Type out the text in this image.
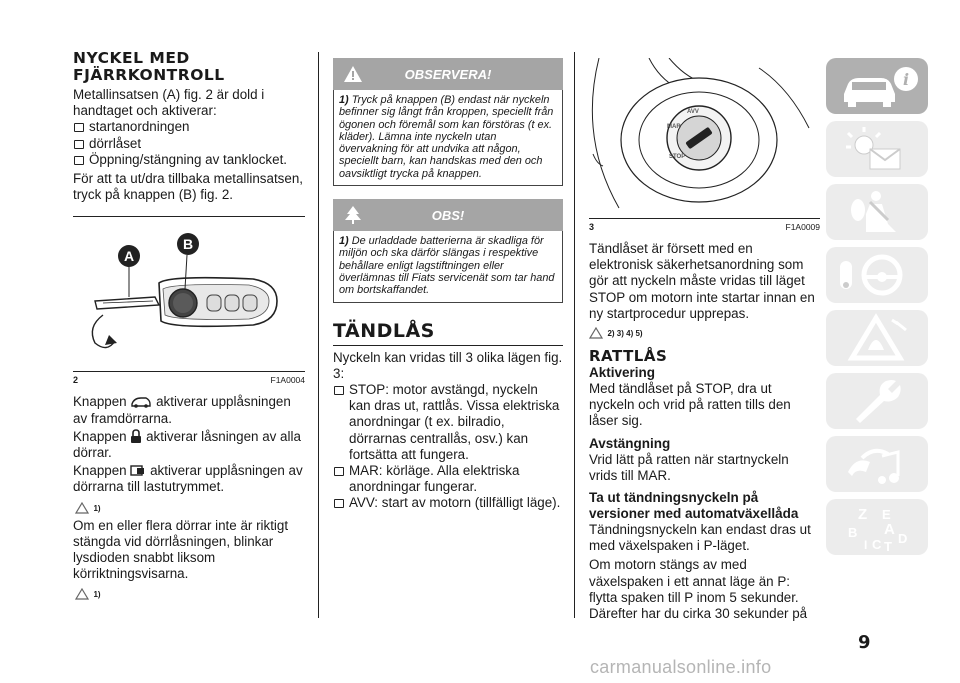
NYCKEL MED
FJÄRRKONTROLL

Metallinsatsen (A) fig. 2 är dold i handtaget och aktiverar:

startanordningen
dörrlåset
Öppning/stängning av tanklocket.

För att ta ut/dra tillbaka metallinsatsen, tryck på knappen (B) fig. 2.

A
B
2	F1A0004

Knappen  aktiverar upplåsningen av framdörrarna.

Knappen  aktiverar låsningen av alla dörrar.

Knappen  aktiverar upplåsningen av dörrarna till lastutrymmet.

1)

Om en eller flera dörrar inte är riktigt stängda vid dörrlåsningen, blinkar lysdioden snabbt liksom körriktningsvisarna.

1)
OBSERVERA!
1) Tryck på knappen (B) endast när nyckeln befinner sig långt från kroppen, speciellt från ögonen och föremål som kan förstöras (t ex. kläder). Lämna inte nyckeln utan övervakning för att undvika att någon, speciellt barn, kan handskas med den och oavsiktligt trycka på knappen.
OBS!
1) De urladdade batterierna är skadliga för miljön och ska därför slängas i respektive behållare enligt lagstiftningen eller överlämnas till Fiats servicenät som tar hand om bortskaffandet.
TÄNDLÅS

Nyckeln kan vridas till 3 olika lägen fig. 3:

STOP: motor avstängd, nyckeln kan dras ut, rattlås. Vissa elektriska anordningar (t ex. bilradio, dörrarnas centrallås, osv.) kan fortsätta att fungera.
MAR: körläge. Alla elektriska anordningar fungerar.
AVV: start av motorn (tillfälligt läge).
AVV
MAR
STOP
3	F1A0009

Tändlåset är försett med en elektronisk säkerhetsanordning som gör att nyckeln måste vridas till läget STOP om motorn inte startar innan en ny startprocedur upprepas.

2) 3) 4) 5)
RATTLÅS
Aktivering

Med tändlåset på STOP, dra ut nyckeln och vrid på ratten tills den låser sig.

Avstängning

Vrid lätt på ratten när startnyckeln vrids till MAR.

Ta ut tändningsnyckeln på
versioner med automatväxellåda

Tändningsnyckeln kan endast dras ut med växelspaken i P-läget.

Om motorn stängs av med växelspaken i ett annat läge än P: flytta spaken till P inom 5 sekunder. Därefter har du cirka 30 sekunder på

i
Z E
A
B
I C T
D
9
carmanualsonline.info
